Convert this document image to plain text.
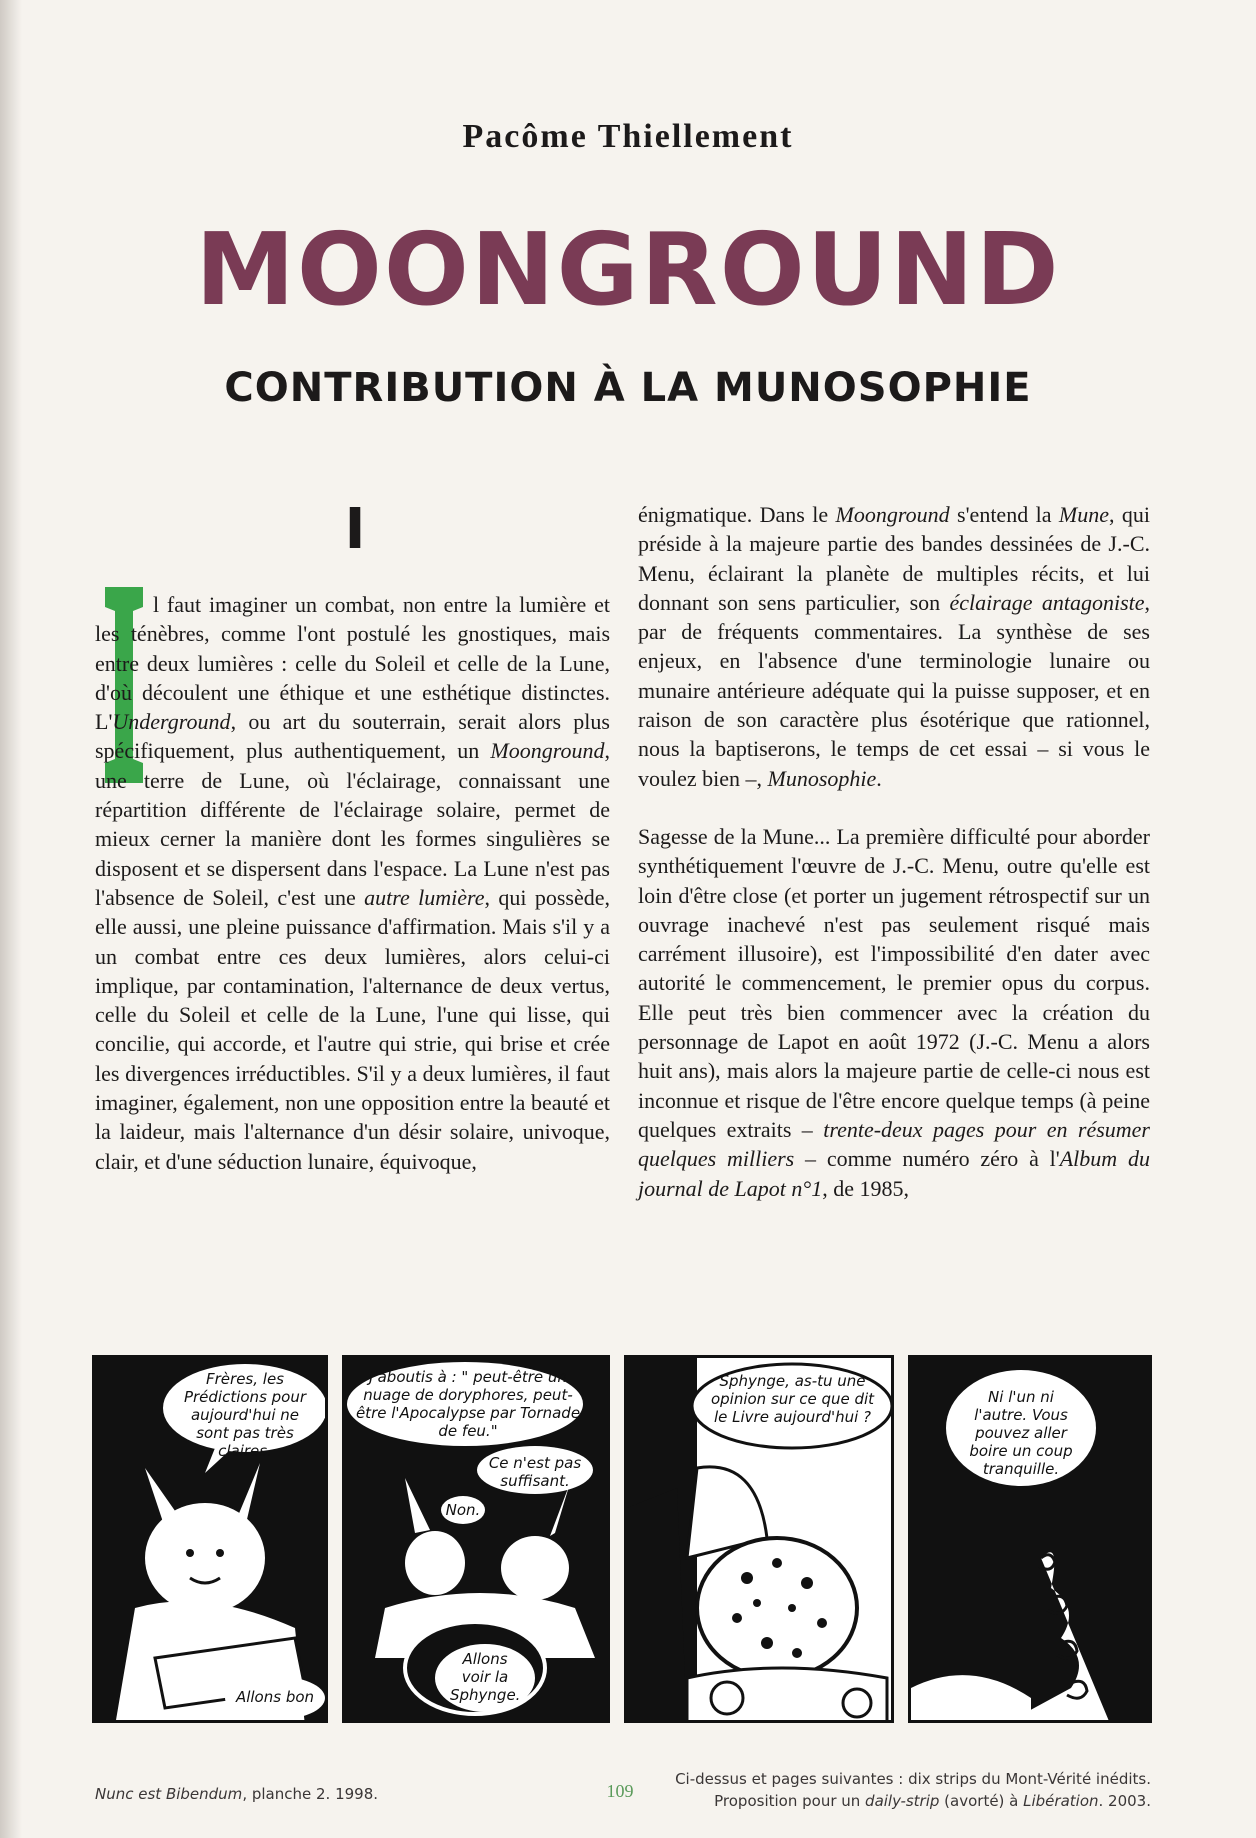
Pacôme Thiellement
MOONGROUND
CONTRIBUTION À LA MUNOSOPHIE
I

l faut imaginer un combat, non entre la lumière et les ténèbres, comme l'ont postulé les gnostiques, mais entre deux lumières : celle du Soleil et celle de la Lune, d'où découlent une éthique et une esthétique distinctes. L'Underground, ou art du souterrain, serait alors plus spécifiquement, plus authentiquement, un Moonground, une terre de Lune, où l'éclairage, connaissant une répartition différente de l'éclairage solaire, permet de mieux cerner la manière dont les formes singulières se disposent et se dispersent dans l'espace. La Lune n'est pas l'absence de Soleil, c'est une autre lumière, qui possède, elle aussi, une pleine puissance d'affirmation. Mais s'il y a un combat entre ces deux lumières, alors celui-ci implique, par contamination, l'alternance de deux vertus, celle du Soleil et celle de la Lune, l'une qui lisse, qui concilie, qui accorde, et l'autre qui strie, qui brise et crée les divergences irréductibles. S'il y a deux lumières, il faut imaginer, également, non une opposition entre la beauté et la laideur, mais l'alternance d'un désir solaire, univoque, clair, et d'une séduction lunaire, équivoque,

énigmatique. Dans le Moonground s'entend la Mune, qui préside à la majeure partie des bandes dessinées de J.-C. Menu, éclairant la planète de multiples récits, et lui donnant son sens particulier, son éclairage antagoniste, par de fréquents commentaires. La synthèse de ses enjeux, en l'absence d'une terminologie lunaire ou munaire antérieure adéquate qui la puisse supposer, et en raison de son caractère plus ésotérique que rationnel, nous la baptiserons, le temps de cet essai – si vous le voulez bien –, Munosophie.

Sagesse de la Mune... La première difficulté pour aborder synthétiquement l'œuvre de J.-C. Menu, outre qu'elle est loin d'être close (et porter un jugement rétrospectif sur un ouvrage inachevé n'est pas seulement risqué mais carrément illusoire), est l'impossibilité d'en dater avec autorité le commencement, le premier opus du corpus. Elle peut très bien commencer avec la création du personnage de Lapot en août 1972 (J.-C. Menu a alors huit ans), mais alors la majeure partie de celle-ci nous est inconnue et risque de l'être encore quelque temps (à peine quelques extraits – trente-deux pages pour en résumer quelques milliers – comme numéro zéro à l'Album du journal de Lapot n°1, de 1985,

Frères, les Prédictions pour aujourd'hui ne sont pas très claires.
Allons bon
J'aboutis à : " peut-être un nuage de doryphores, peut-être l'Apocalypse par Tornade de feu."
Ce n'est pas suffisant.
Non.
Allons voir la Sphynge.
Sphynge, as-tu une opinion sur ce que dit le Livre aujourd'hui ?
Ni l'un ni l'autre. Vous pouvez aller boire un coup tranquille.
Nunc est Bibendum, planche 2. 1998.	109
Ci-dessus et pages suivantes : dix strips du Mont-Vérité inédits.
Proposition pour un daily-strip (avorté) à Libération. 2003.
